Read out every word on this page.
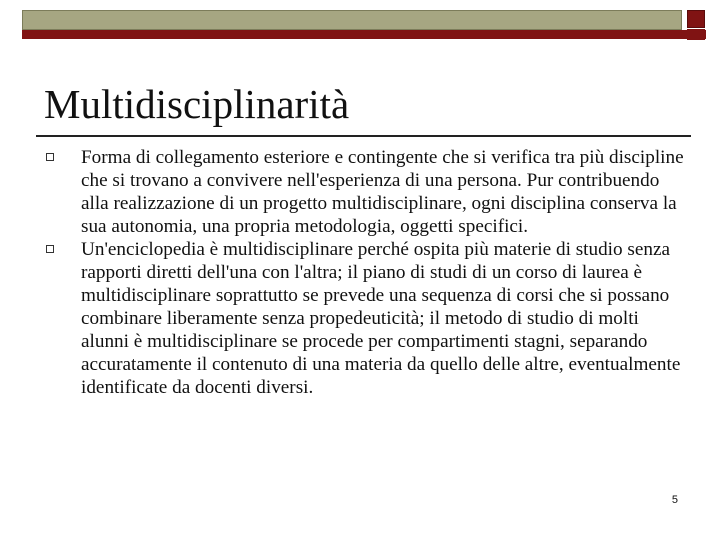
Multidisciplinarità
Forma di collegamento esteriore e contingente che si verifica tra più discipline che si trovano a convivere nell'esperienza di una persona. Pur contribuendo alla realizzazione di un progetto multidisciplinare, ogni disciplina conserva la sua autonomia, una propria metodologia, oggetti specifici.
Un'enciclopedia è multidisciplinare perché ospita più materie di studio senza rapporti diretti dell'una con l'altra; il piano di studi di un corso di laurea è multidisciplinare soprattutto se prevede una sequenza di corsi che si possano combinare liberamente senza propedeuticità; il metodo di studio di molti alunni è multidisciplinare se procede per compartimenti stagni, separando accuratamente il contenuto di una materia da quello delle altre, eventualmente identificate da docenti diversi.
5
